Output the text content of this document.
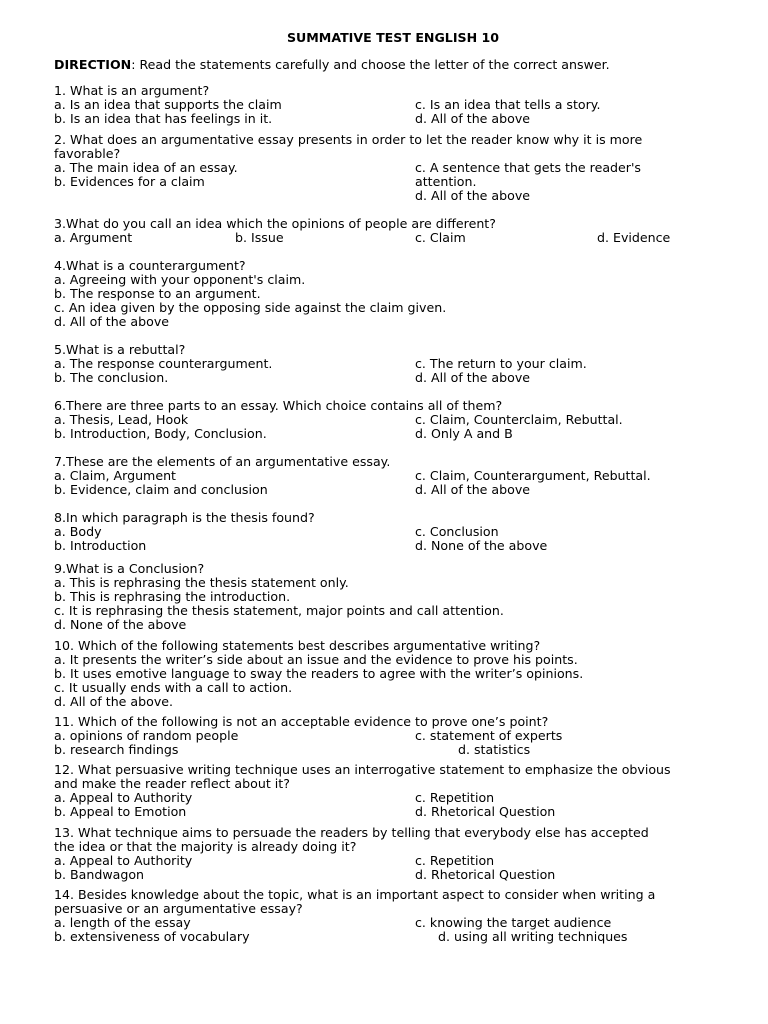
SUMMATIVE TEST ENGLISH 10
DIRECTION: Read the statements carefully and choose the letter of the correct answer.
1. What is an argument?
a. Is an idea that supports the claim	c. Is an idea that tells a story.
b. Is an idea that has feelings in it.	d. All of the above
2. What does an argumentative essay presents in order to let the reader know why it is more
favorable?
a. The main idea of an essay.	c. A sentence that gets the reader's
b. Evidences for a claim	attention.
d. All of the above
3.What do you call an idea which the opinions of people are different?
a. Argument	b. Issue	c. Claim	d. Evidence
4.What is a counterargument?
a. Agreeing with your opponent's claim.
b. The response to an argument.
c. An idea given by the opposing side against the claim given.
d. All of the above
5.What is a rebuttal?
a. The response counterargument.	c. The return to your claim.
b. The conclusion.	d. All of the above
6.There are three parts to an essay. Which choice contains all of them?
a. Thesis, Lead, Hook	c. Claim, Counterclaim, Rebuttal.
b. Introduction, Body, Conclusion.	d. Only A and B
7.These are the elements of an argumentative essay.
a. Claim, Argument	c. Claim, Counterargument, Rebuttal.
b. Evidence, claim and conclusion	d. All of the above
8.In which paragraph is the thesis found?
a. Body	c. Conclusion
b. Introduction	d. None of the above
9.What is a Conclusion?
a. This is rephrasing the thesis statement only.
b. This is rephrasing the introduction.
c. It is rephrasing the thesis statement, major points and call attention.
d. None of the above
10. Which of the following statements best describes argumentative writing?
a. It presents the writer’s side about an issue and the evidence to prove his points.
b. It uses emotive language to sway the readers to agree with the writer’s opinions.
c. It usually ends with a call to action.
d. All of the above.
11. Which of the following is not an acceptable evidence to prove one’s point?
a. opinions of random people	c. statement of experts
b. research findings	d. statistics
12. What persuasive writing technique uses an interrogative statement to emphasize the obvious
and make the reader reflect about it?
a. Appeal to Authority	c. Repetition
b. Appeal to Emotion	d. Rhetorical Question
13. What technique aims to persuade the readers by telling that everybody else has accepted
the idea or that the majority is already doing it?
a. Appeal to Authority	c. Repetition
b. Bandwagon	d. Rhetorical Question
14. Besides knowledge about the topic, what is an important aspect to consider when writing a
persuasive or an argumentative essay?
a. length of the essay	c. knowing the target audience
b. extensiveness of vocabulary	d. using all writing techniques
